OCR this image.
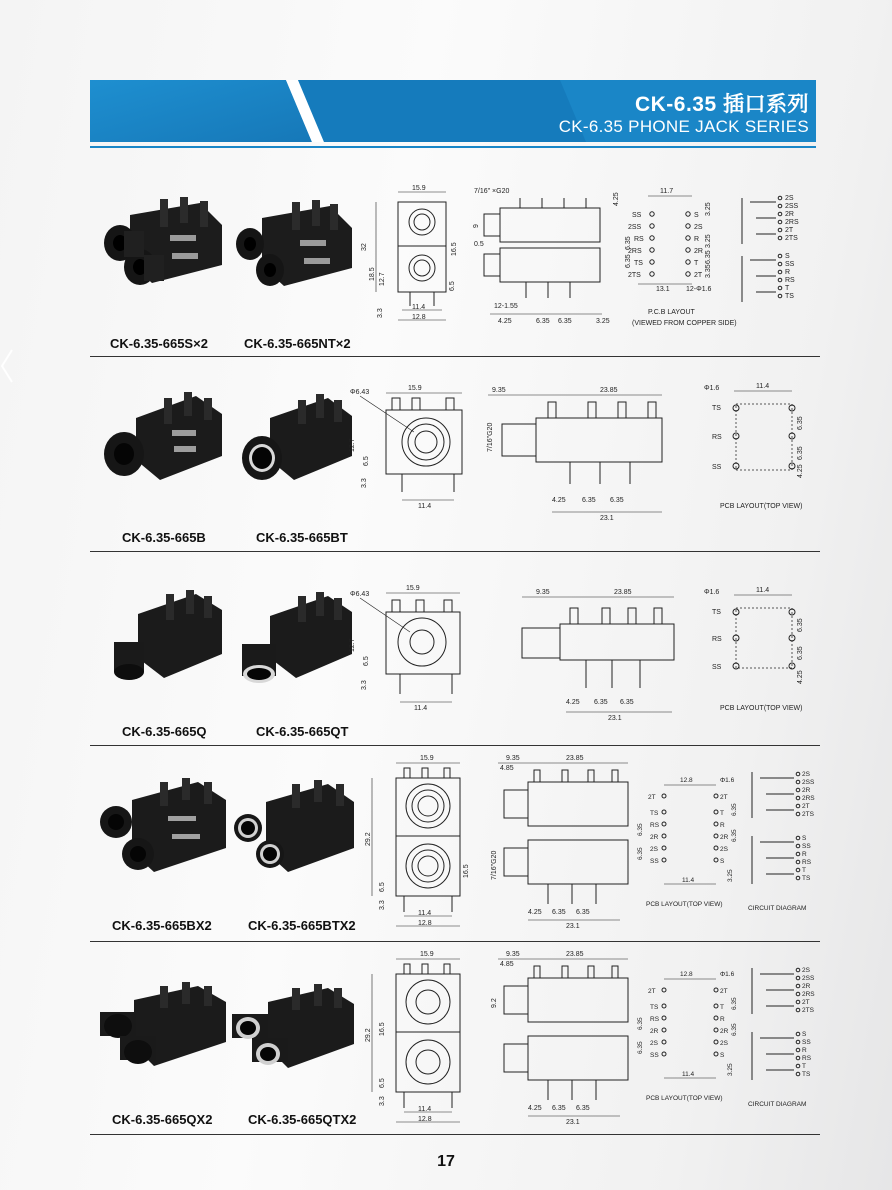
CK-6.35 插口系列
CK-6.35 PHONE JACK SERIES
CK-6.35-665S×2	CK-6.35-665NT×2
15.9
32	16.5
18.5 12.7
6.5
3.3
11.4
12.8
7/16" ×G20
9
0.5
12-1.55
4.25	6.35 6.35	3.25
11.7
4.25
SS
2SS
RS
2RS
TS
2TS
S
2S
R
2R
T
2T
3.25
6.35
6.35
3.25
6.35
3.35
13.1 12-Φ1.6
P.C.B LAYOUT
(VIEWED FROM COPPER SIDE)
2S
2SS
2R
2RS
2T
2TS
S
SS
R
RS
T
TS
CK-6.35-665B	CK-6.35-665BT
Φ6.43
15.9
12.7
6.5
3.3
11.4
9.35	23.85
7/16"G20
4.25 6.35 6.35
23.1
Φ1.6	11.4
TS
RS
SS
6.35
6.35
4.25
PCB LAYOUT(TOP VIEW)
CK-6.35-665Q	CK-6.35-665QT
Φ6.43
15.9
12.7
6.5
3.3
11.4
9.35	23.85
4.25 6.35 6.35
23.1
Φ1.6	11.4
TS
RS
SS
6.35
6.35
4.25
PCB LAYOUT(TOP VIEW)
CK-6.35-665BX2	CK-6.35-665BTX2
15.9
29.2
16.5
6.5
3.3
11.4
12.8
9.35	23.85
4.85
7/16"G20
4.25 6.35 6.35
23.1
12.8	Φ1.6
2T
TS
RS
2R
2S
SS
2T
T
R
2R
2S
S
6.35
6.35
6.35
6.35
11.4	3.25
PCB LAYOUT(TOP VIEW)
2S
2SS
2R
2RS
2T
2TS
S
SS
R
RS
T
TS
CIRCUIT DIAGRAM
CK-6.35-665QX2	CK-6.35-665QTX2
15.9
29.2 16.5
6.5
3.3
11.4
12.8
9.35	23.85
4.85
9.2
4.25 6.35 6.35
23.1
12.8	Φ1.6
2T
TS
RS
2R
2S
SS
2T
T
R
2R
2S
S
6.35
6.35
6.35
6.35
11.4	3.25
PCB LAYOUT(TOP VIEW)
2S
2SS
2R
2RS
2T
2TS
S
SS
R
RS
T
TS
CIRCUIT DIAGRAM
17
